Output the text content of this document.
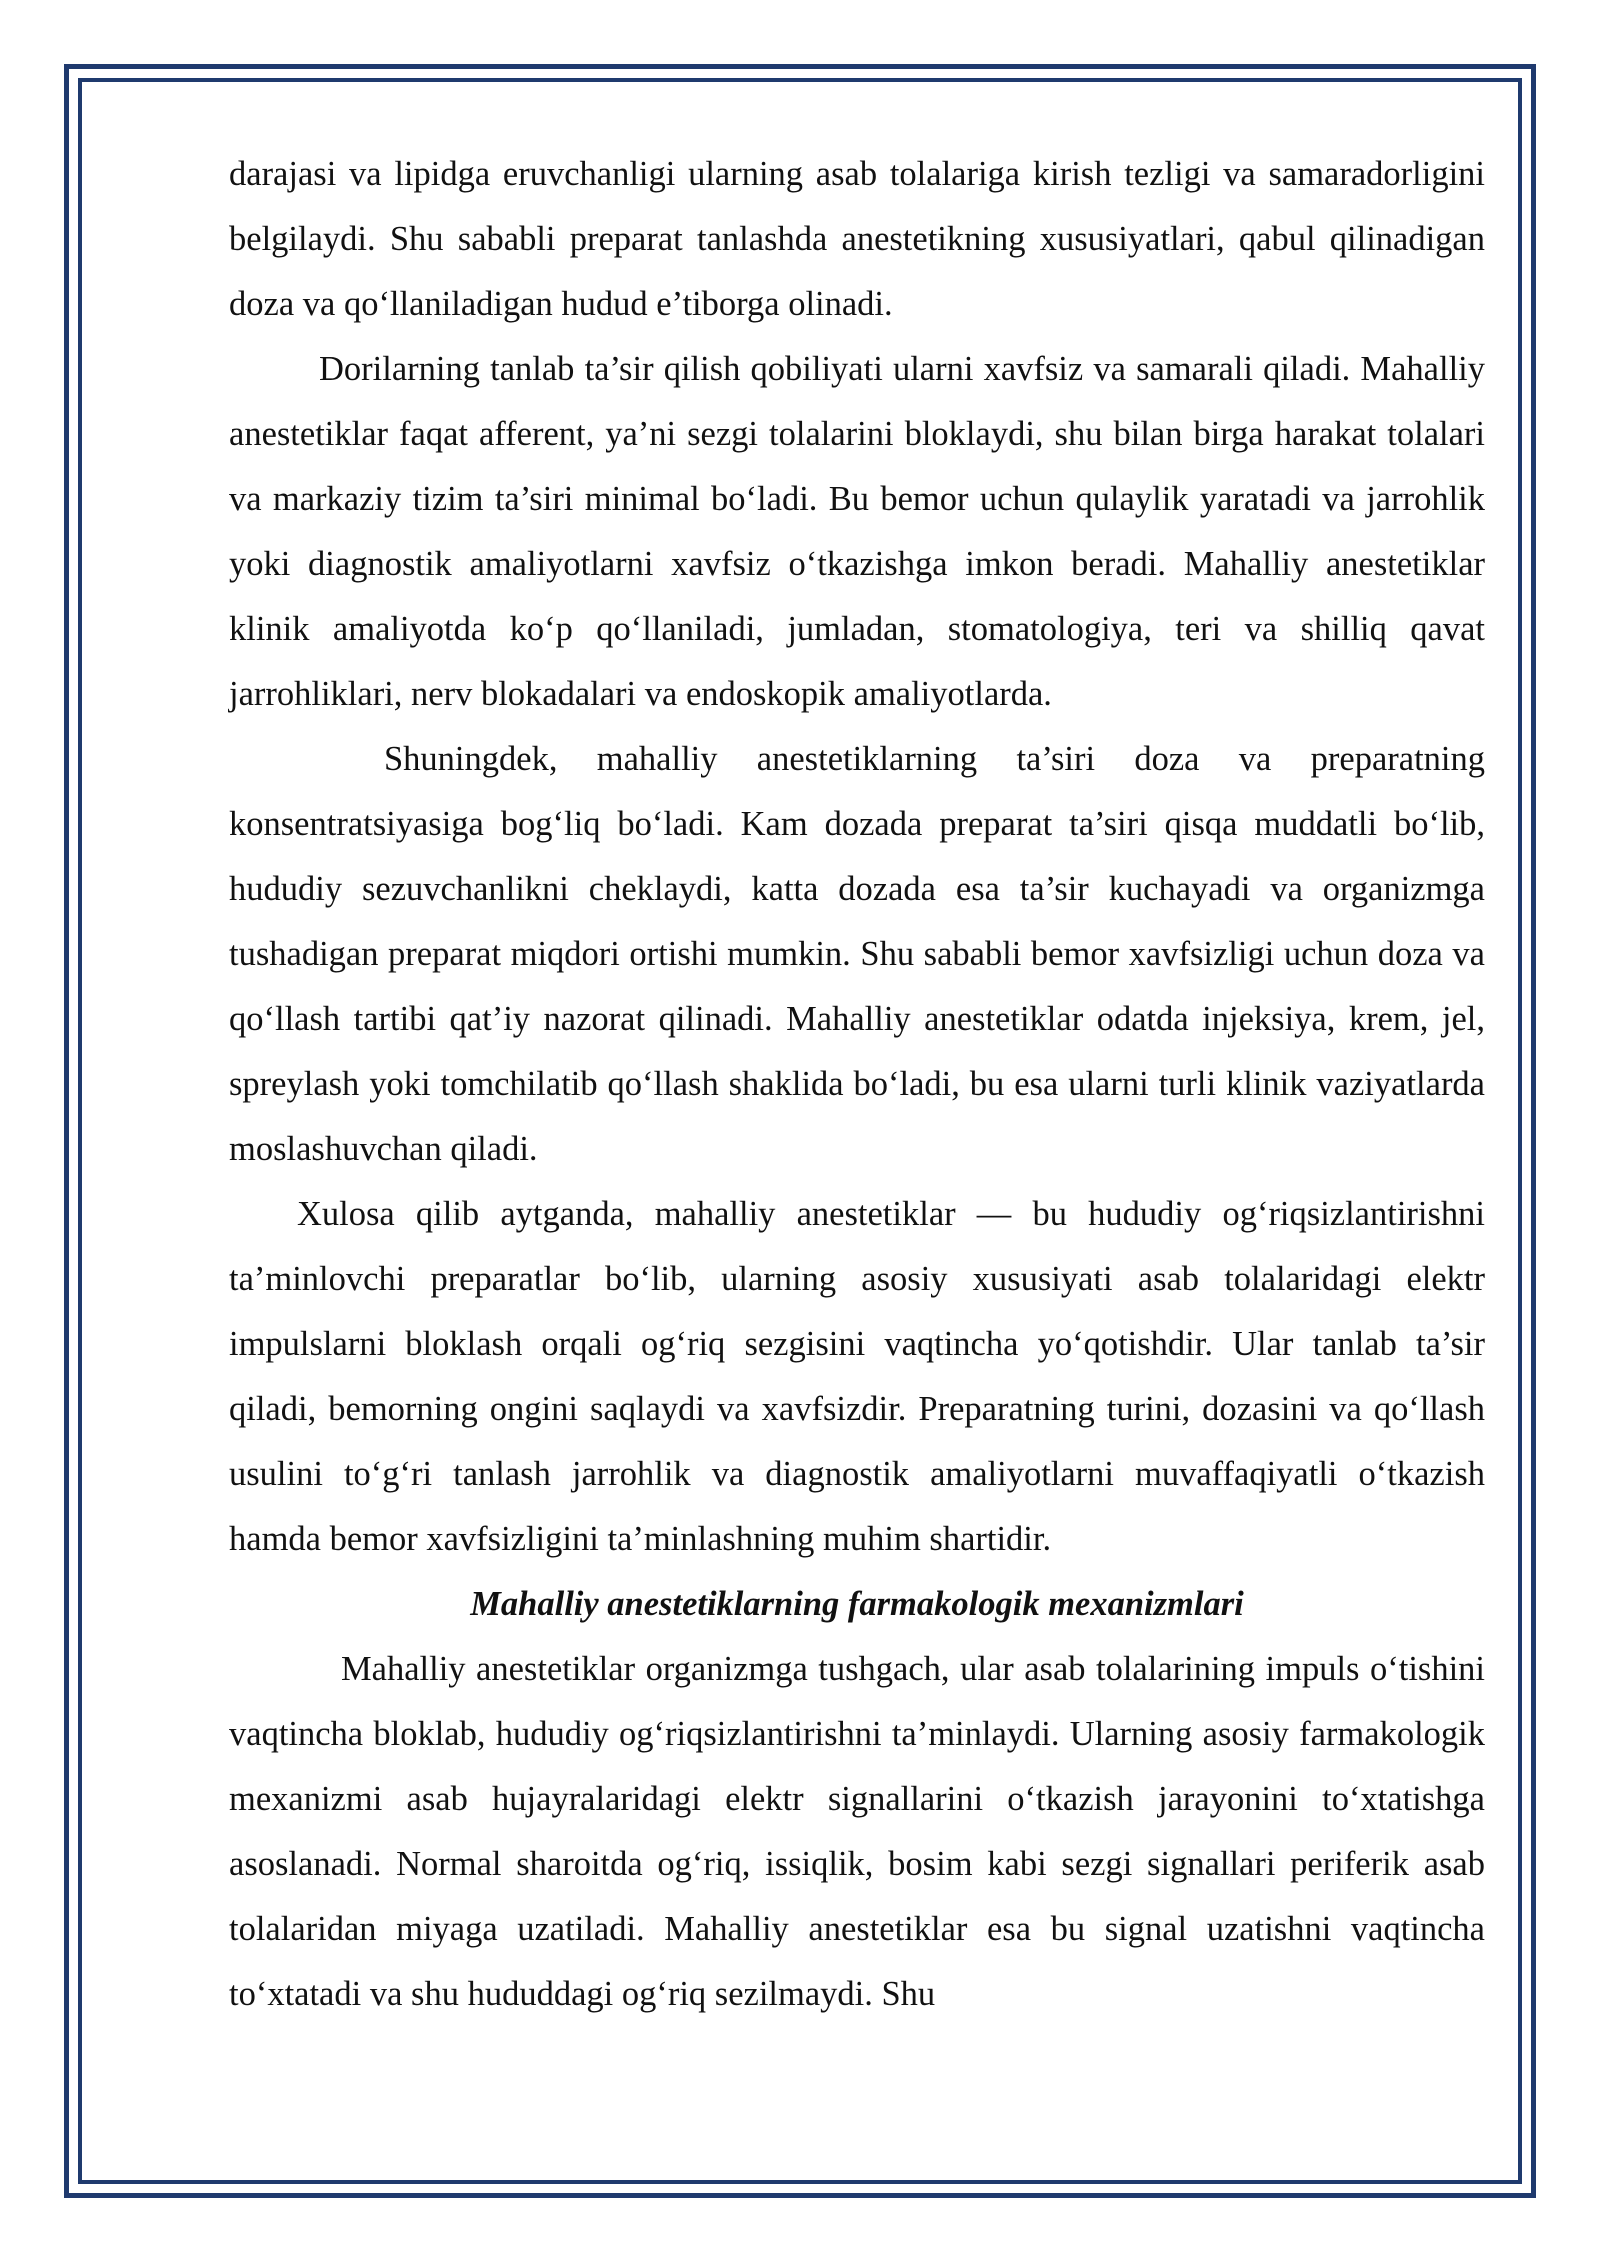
darajasi va lipidga eruvchanligi ularning asab tolalariga kirish tezligi va samaradorligini belgilaydi. Shu sababli preparat tanlashda anestetikning xususiyatlari, qabul qilinadigan doza va qo‘llaniladigan hudud e’tiborga olinadi.

Dorilarning tanlab ta’sir qilish qobiliyati ularni xavfsiz va samarali qiladi. Mahalliy anestetiklar faqat afferent, ya’ni sezgi tolalarini bloklaydi, shu bilan birga harakat tolalari va markaziy tizim ta’siri minimal bo‘ladi. Bu bemor uchun qulaylik yaratadi va jarrohlik yoki diagnostik amaliyotlarni xavfsiz o‘tkazishga imkon beradi. Mahalliy anestetiklar klinik amaliyotda ko‘p qo‘llaniladi, jumladan, stomatologiya, teri va shilliq qavat jarrohliklari, nerv blokadalari va endoskopik amaliyotlarda.

Shuningdek, mahalliy anestetiklarning ta’siri doza va preparatning konsentratsiyasiga bog‘liq bo‘ladi. Kam dozada preparat ta’siri qisqa muddatli bo‘lib, hududiy sezuvchanlikni cheklaydi, katta dozada esa ta’sir kuchayadi va organizmga tushadigan preparat miqdori ortishi mumkin. Shu sababli bemor xavfsizligi uchun doza va qo‘llash tartibi qat’iy nazorat qilinadi. Mahalliy anestetiklar odatda injeksiya, krem, jel, spreylash yoki tomchilatib qo‘llash shaklida bo‘ladi, bu esa ularni turli klinik vaziyatlarda moslashuvchan qiladi.

Xulosa qilib aytganda, mahalliy anestetiklar — bu hududiy og‘riqsizlantirishni ta’minlovchi preparatlar bo‘lib, ularning asosiy xususiyati asab tolalaridagi elektr impulslarni bloklash orqali og‘riq sezgisini vaqtincha yo‘qotishdir. Ular tanlab ta’sir qiladi, bemorning ongini saqlaydi va xavfsizdir. Preparatning turini, dozasini va qo‘llash usulini to‘g‘ri tanlash jarrohlik va diagnostik amaliyotlarni muvaffaqiyatli o‘tkazish hamda bemor xavfsizligini ta’minlashning muhim shartidir.

Mahalliy anestetiklarning farmakologik mexanizmlari

Mahalliy anestetiklar organizmga tushgach, ular asab tolalarining impuls o‘tishini vaqtincha bloklab, hududiy og‘riqsizlantirishni ta’minlaydi. Ularning asosiy farmakologik mexanizmi asab hujayralaridagi elektr signallarini o‘tkazish jarayonini to‘xtatishga asoslanadi. Normal sharoitda og‘riq, issiqlik, bosim kabi sezgi signallari periferik asab tolalaridan miyaga uzatiladi. Mahalliy anestetiklar esa bu signal uzatishni vaqtincha to‘xtatadi va shu hududdagi og‘riq sezilmaydi. Shu
